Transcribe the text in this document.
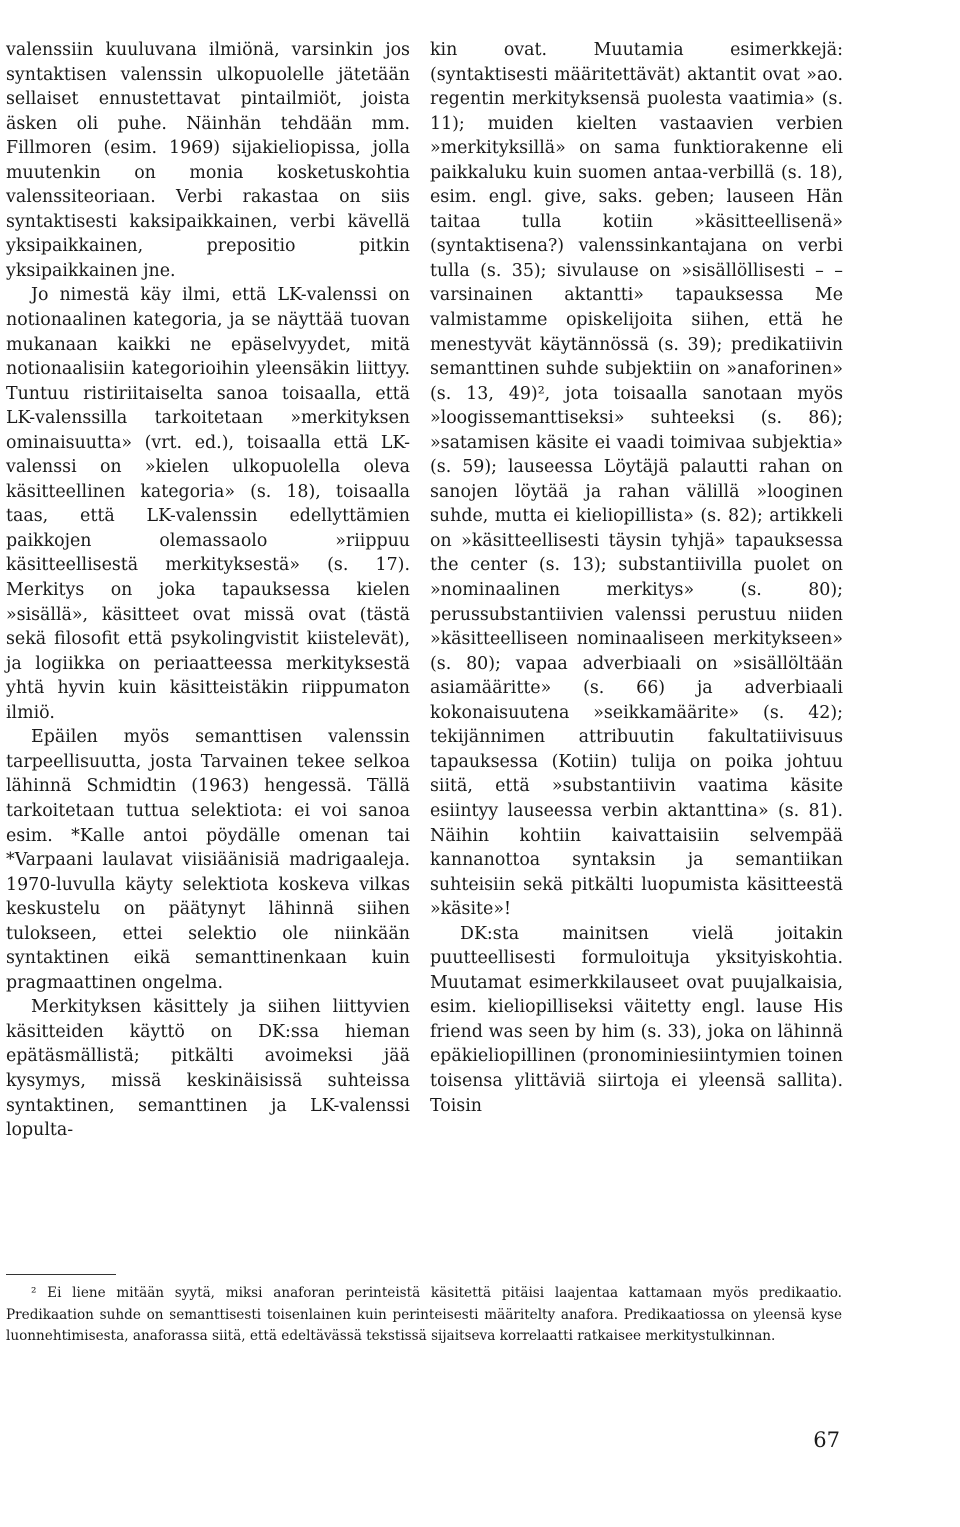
valenssiin kuuluvana ilmiönä, varsinkin jos syntaktisen valenssin ulkopuolelle jätetään sellaiset ennustettavat pintailmiöt, joista äsken oli puhe. Näinhän tehdään mm. Fillmoren (esim. 1969) sijakieliopissa, jolla muutenkin on monia kosketuskohtia valenssiteoriaan. Verbi rakastaa on siis syntaktisesti kaksipaikkainen, verbi kävellä yksipaikkainen, prepositio pitkin yksipaikkainen jne.

Jo nimestä käy ilmi, että LK-valenssi on notionaalinen kategoria, ja se näyttää tuovan mukanaan kaikki ne epäselvyydet, mitä notionaalisiin kategorioihin yleensäkin liittyy. Tuntuu ristiriitaiselta sanoa toisaalla, että LK-valenssilla tarkoitetaan »merkityksen ominaisuutta» (vrt. ed.), toisaalla että LK-valenssi on »kielen ulkopuolella oleva käsitteellinen kategoria» (s. 18), toisaalla taas, että LK-valenssin edellyttämien paikkojen olemassaolo »riippuu käsitteellisestä merkityksestä» (s. 17). Merkitys on joka tapauksessa kielen »sisällä», käsitteet ovat missä ovat (tästä sekä filosofit että psykolingvistit kiistelevät), ja logiikka on periaatteessa merkityksestä yhtä hyvin kuin käsitteistäkin riippumaton ilmiö.

Epäilen myös semanttisen valenssin tarpeellisuutta, josta Tarvainen tekee selkoa lähinnä Schmidtin (1963) hengessä. Tällä tarkoitetaan tuttua selektiota: ei voi sanoa esim. *Kalle antoi pöydälle omenan tai *Varpaani laulavat viisiäänisiä madrigaaleja. 1970-luvulla käyty selektiota koskeva vilkas keskustelu on päätynyt lähinnä siihen tulokseen, ettei selektio ole niinkään syntaktinen eikä semanttinenkaan kuin pragmaattinen ongelma.

Merkityksen käsittely ja siihen liittyvien käsitteiden käyttö on DK:ssa hieman epätäsmällistä; pitkälti avoimeksi jää kysymys, missä keskinäisissä suhteissa syntaktinen, semanttinen ja LK-valenssi lopulta-

kin ovat. Muutamia esimerkkejä: (syntaktisesti määritettävät) aktantit ovat »ao. regentin merkityksensä puolesta vaatimia» (s. 11); muiden kielten vastaavien verbien »merkityksillä» on sama funktiorakenne eli paikkaluku kuin suomen antaa-verbillä (s. 18), esim. engl. give, saks. geben; lauseen Hän taitaa tulla kotiin »käsitteellisenä» (syntaktisena?) valenssinkantajana on verbi tulla (s. 35); sivulause on »sisällöllisesti – – varsinainen aktantti» tapauksessa Me valmistamme opiskelijoita siihen, että he menestyvät käytännössä (s. 39); predikatiivin semanttinen suhde subjektiin on »anaforinen» (s. 13, 49)², jota toisaalla sanotaan myös »loogissemanttiseksi» suhteeksi (s. 86); »satamisen käsite ei vaadi toimivaa subjektia» (s. 59); lauseessa Löytäjä palautti rahan on sanojen löytää ja rahan välillä »looginen suhde, mutta ei kieliopillista» (s. 82); artikkeli on »käsitteellisesti täysin tyhjä» tapauksessa the center (s. 13); substantiivilla puolet on »nominaalinen merkitys» (s. 80); perussubstantiivien valenssi perustuu niiden »käsitteelliseen nominaaliseen merkitykseen» (s. 80); vapaa adverbiaali on »sisällöltään asiamääritte» (s. 66) ja adverbiaali kokonaisuutena »seikkamäärite» (s. 42); tekijännimen attribuutin fakultatiivisuus tapauksessa (Kotiin) tulija on poika johtuu siitä, että »substantiivin vaatima käsite esiintyy lauseessa verbin aktanttina» (s. 81). Näihin kohtiin kaivattaisiin selvempää kannanottoa syntaksin ja semantiikan suhteisiin sekä pitkälti luopumista käsitteestä »käsite»!

DK:sta mainitsen vielä joitakin puutteellisesti formuloituja yksityiskohtia. Muutamat esimerkkilauseet ovat puujalkaisia, esim. kieliopilliseksi väitetty engl. lause His friend was seen by him (s. 33), joka on lähinnä epäkieliopillinen (pronominiesiintymien toinen toisensa ylittäviä siirtoja ei yleensä sallita). Toisin

² Ei liene mitään syytä, miksi anaforan perinteistä käsitettä pitäisi laajentaa kattamaan myös predikaatio. Predikaation suhde on semanttisesti toisenlainen kuin perinteisesti määritelty anafora. Predikaatiossa on yleensä kyse luonnehtimisesta, anaforassa siitä, että edeltävässä tekstissä sijaitseva korrelaatti ratkaisee merkitystulkinnan.

67
